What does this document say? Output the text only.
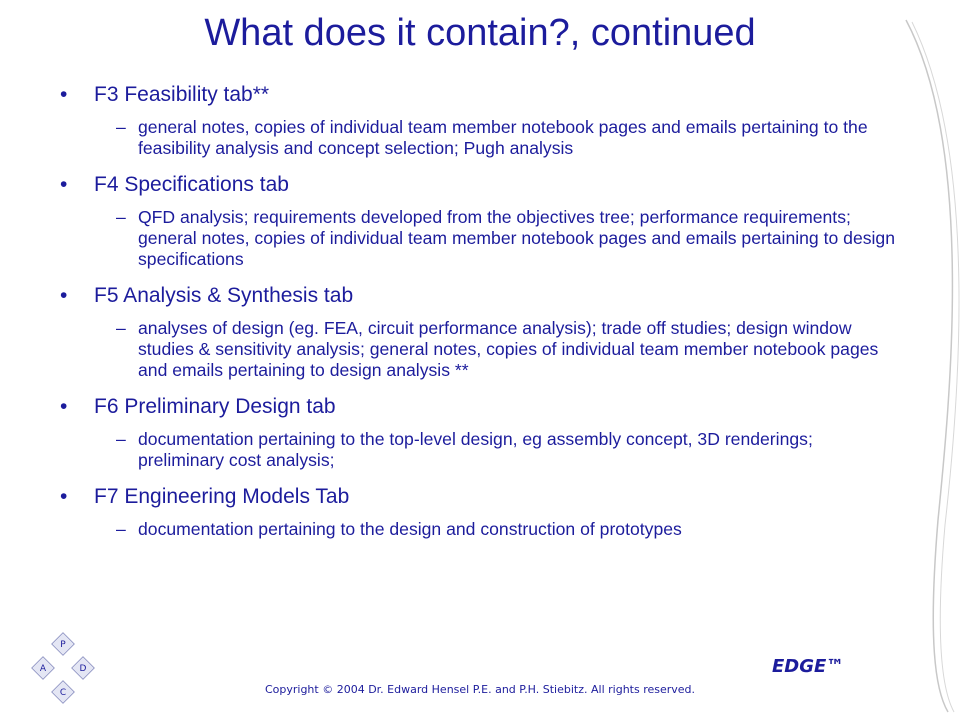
What does it contain?, continued
• F3 Feasibility tab**
– general notes, copies of individual team member notebook pages and emails pertaining to the feasibility analysis and concept selection; Pugh analysis
• F4 Specifications tab
– QFD analysis; requirements developed from the objectives tree; performance requirements; general notes, copies of individual team member notebook pages and emails pertaining to design specifications
• F5 Analysis & Synthesis tab
– analyses of design (eg. FEA, circuit performance analysis); trade off studies; design window studies & sensitivity analysis; general notes, copies of individual team member notebook pages and emails pertaining to design analysis **
• F6 Preliminary Design tab
– documentation pertaining to the top-level design, eg assembly concept, 3D renderings; preliminary cost analysis;
• F7 Engineering Models Tab
– documentation pertaining to the design and construction of prototypes
P
A	D
C
EDGE™
Copyright © 2004 Dr. Edward Hensel P.E. and P.H. Stiebitz. All rights reserved.
